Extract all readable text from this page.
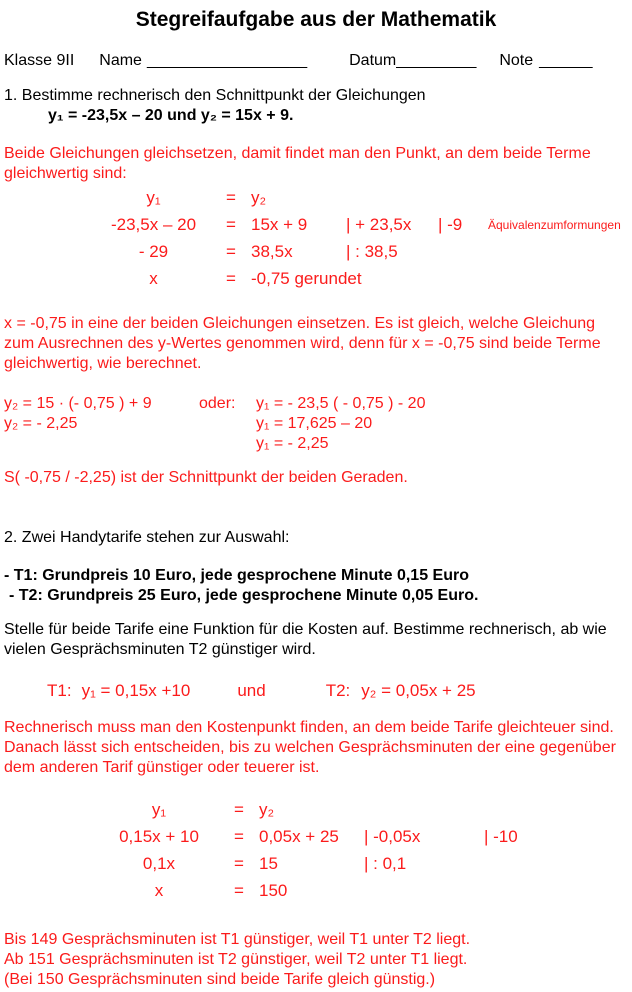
Stegreifaufgabe aus der Mathematik
Klasse 9II Name __________________	Datum_________ Note ______
1. Bestimme rechnerisch den Schnittpunkt der Gleichungen
y₁ = -23,5x – 20 und y₂ = 15x + 9.
Beide Gleichungen gleichsetzen, damit findet man den Punkt, an dem beide Terme gleichwertig sind:
y₁	= y₂
-23,5x – 20	= 15x + 9	| + 23,5x	| -9	Äquivalenzumformungen
- 29	= 38,5x	| : 38,5
x	= -0,75 gerundet
x = -0,75 in eine der beiden Gleichungen einsetzen. Es ist gleich, welche Gleichung zum Ausrechnen des y-Wertes genommen wird, denn für x = -0,75 sind beide Terme gleichwertig, wie berechnet.
y₂ = 15 · (- 0,75 ) + 9
y₂ = - 2,25
oder:	y₁ = - 23,5 ( - 0,75 ) - 20
y₁ = 17,625 – 20
y₁ = - 2,25
S( -0,75 / -2,25) ist der Schnittpunkt der beiden Geraden.
2. Zwei Handytarife stehen zur Auswahl:
- T1: Grundpreis 10 Euro, jede gesprochene Minute 0,15 Euro
- T2: Grundpreis 25 Euro, jede gesprochene Minute 0,05 Euro.
Stelle für beide Tarife eine Funktion für die Kosten auf. Bestimme rechnerisch, ab wie vielen Gesprächsminuten T2 günstiger wird.
T1: y₁ = 0,15x +10	und	T2: y₂ = 0,05x + 25
Rechnerisch muss man den Kostenpunkt finden, an dem beide Tarife gleichteuer sind. Danach lässt sich entscheiden, bis zu welchen Gesprächsminuten der eine gegenüber dem anderen Tarif günstiger oder teuerer ist.
y₁	= y₂
0,15x + 10	= 0,05x + 25	| -0,05x	| -10
0,1x	= 15	| : 0,1
x	= 150
Bis 149 Gesprächsminuten ist T1 günstiger, weil T1 unter T2 liegt.
Ab 151 Gesprächsminuten ist T2 günstiger, weil T2 unter T1 liegt.
(Bei 150 Gesprächsminuten sind beide Tarife gleich günstig.)
